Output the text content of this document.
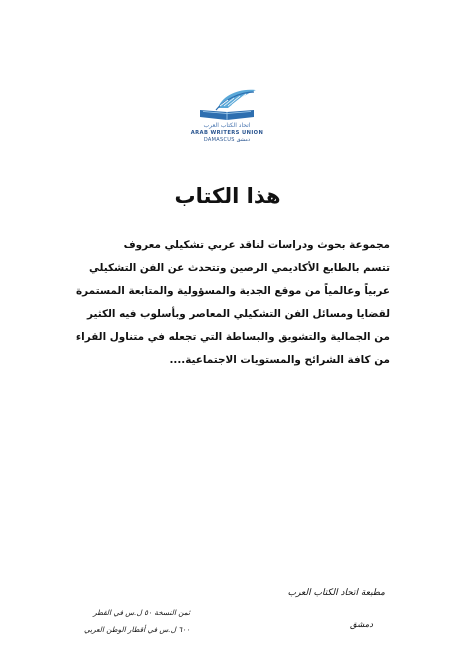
اتحاد الكتاب العرب
ARAB WRITERS UNION
DAMASCUS دمشق
هذا الكتاب
مجموعة بحوث ودراسات لناقد عربي تشكيلي معروف
تتسم بالطابع الأكاديمي الرصين وتتحدث عن الفن التشكيلي
عربياً وعالمياً من موقع الجدية والمسؤولية والمتابعة المستمرة
لقضايا ومسائل الفن التشكيلي المعاصر وبأسلوب فيه الكثير
من الجمالية والتشويق والبساطة التي تجعله في متناول القراء
من كافة الشرائح والمستويات الاجتماعية....
مطبعة اتحاد الكتاب العرب
دمشق
ثمن النسخة ٥٠ ل.س في القطر
٦٠٠ ل.س في أقطار الوطن العربي
